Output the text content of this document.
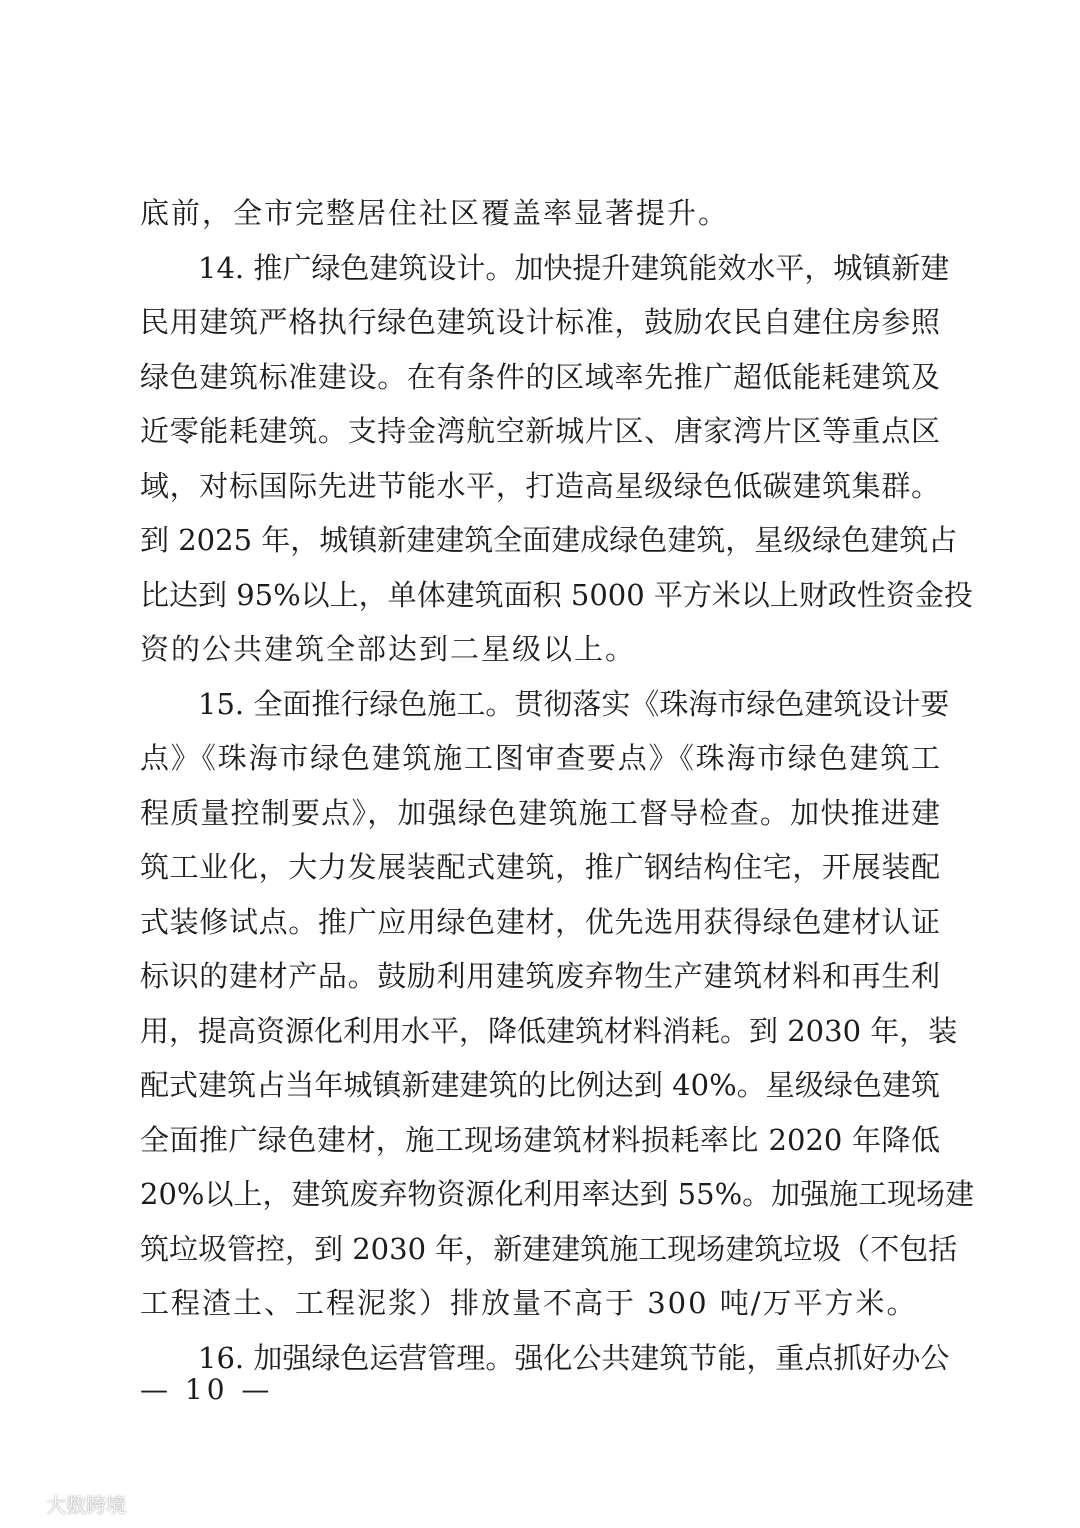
底前，全市完整居住社区覆盖率显著提升。
14. 推广绿色建筑设计。加快提升建筑能效水平，城镇新建
民用建筑严格执行绿色建筑设计标准，鼓励农民自建住房参照
绿色建筑标准建设。在有条件的区域率先推广超低能耗建筑及
近零能耗建筑。支持金湾航空新城片区、唐家湾片区等重点区
域，对标国际先进节能水平，打造高星级绿色低碳建筑集群。
到 2025 年，城镇新建建筑全面建成绿色建筑，星级绿色建筑占
比达到 95%以上，单体建筑面积 5000 平方米以上财政性资金投
资的公共建筑全部达到二星级以上。
15. 全面推行绿色施工。贯彻落实《珠海市绿色建筑设计要
点》《珠海市绿色建筑施工图审查要点》《珠海市绿色建筑工
程质量控制要点》，加强绿色建筑施工督导检查。加快推进建
筑工业化，大力发展装配式建筑，推广钢结构住宅，开展装配
式装修试点。推广应用绿色建材，优先选用获得绿色建材认证
标识的建材产品。鼓励利用建筑废弃物生产建筑材料和再生利
用，提高资源化利用水平，降低建筑材料消耗。到 2030 年，装
配式建筑占当年城镇新建建筑的比例达到 40%。星级绿色建筑
全面推广绿色建材，施工现场建筑材料损耗率比 2020 年降低
20%以上，建筑废弃物资源化利用率达到 55%。加强施工现场建
筑垃圾管控，到 2030 年，新建建筑施工现场建筑垃圾（不包括
工程渣土、工程泥浆）排放量不高于 300 吨/万平方米。
16. 加强绿色运营管理。强化公共建筑节能，重点抓好办公
— 10 —
大数跨境
